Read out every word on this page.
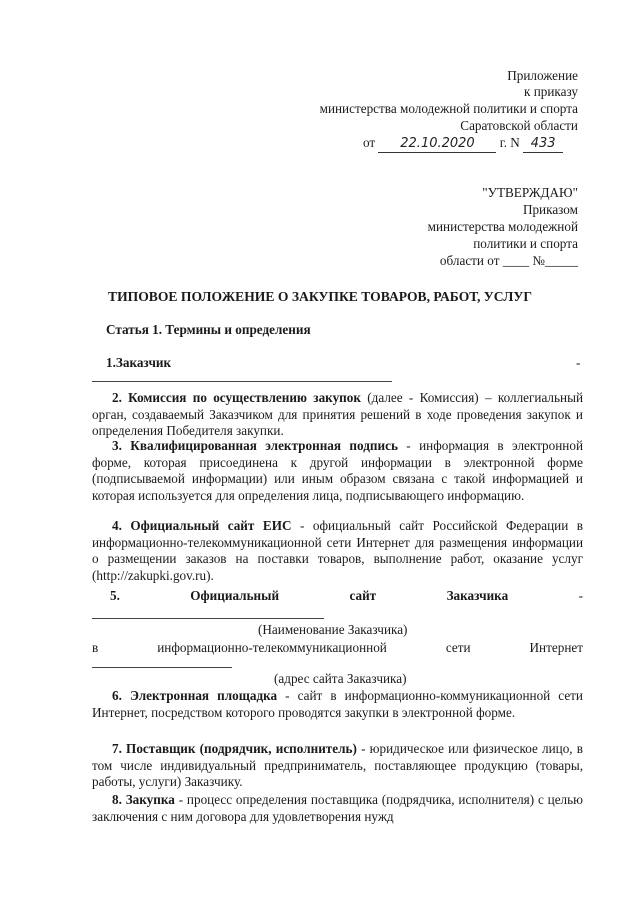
Приложение
к приказу
министерства молодежной политики и спорта
Саратовской области
от 22.10.2020 г. N 433
"УТВЕРЖДАЮ"
Приказом
министерства молодежной
политики и спорта
области от ____ №_____
ТИПОВОЕ ПОЛОЖЕНИЕ О ЗАКУПКЕ ТОВАРОВ, РАБОТ, УСЛУГ
Статья 1. Термины и определения
1.Заказчик	-
2. Комиссия по осуществлению закупок (далее - Комиссия) – коллегиальный орган, создаваемый Заказчиком для принятия решений в ходе проведения закупок и определения Победителя закупки.
3. Квалифицированная электронная подпись - информация в электронной форме, которая присоединена к другой информации в электронной форме (подписываемой информации) или иным образом связана с такой информацией и которая используется для определения лица, подписывающего информацию.
4. Официальный сайт ЕИС - официальный сайт Российской Федерации в информационно-телекоммуникационной сети Интернет для размещения информации о размещении заказов на поставки товаров, выполнение работ, оказание услуг (http://zakupki.gov.ru).
5.	Официальный	сайт	Заказчика	-
(Наименование Заказчика)
в	информационно-телекоммуникационной	сети	Интернет
(адрес сайта Заказчика)
6. Электронная площадка - сайт в информационно-коммуникационной сети Интернет, посредством которого проводятся закупки в электронной форме.
7. Поставщик (подрядчик, исполнитель) - юридическое или физическое лицо, в том числе индивидуальный предприниматель, поставляющее продукцию (товары, работы, услуги) Заказчику.
8. Закупка - процесс определения поставщика (подрядчика, исполнителя) с целью заключения с ним договора для удовлетворения нужд
